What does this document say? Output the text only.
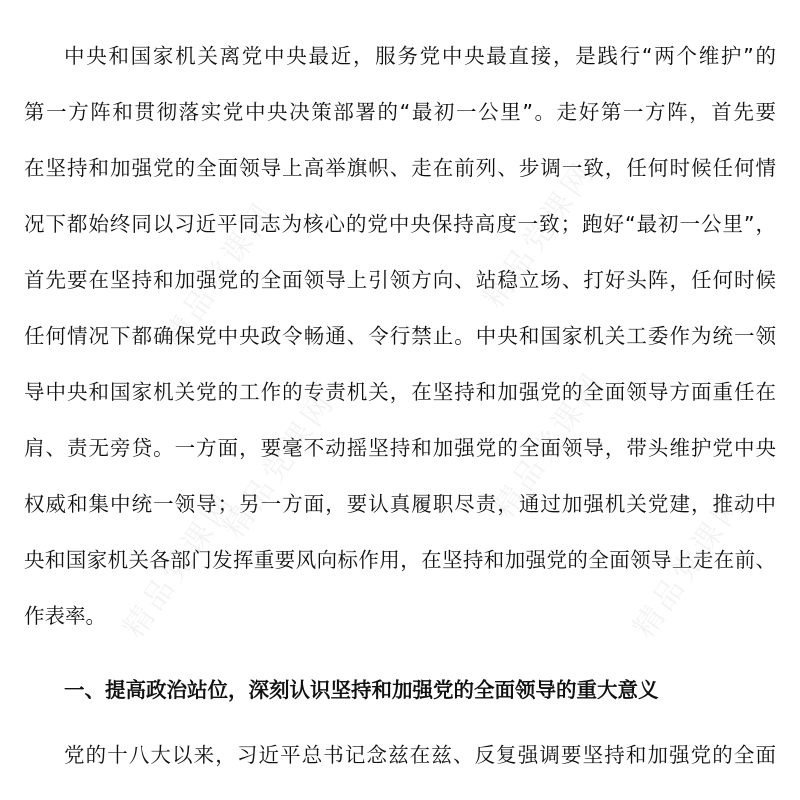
精品党课网	精品党课网
精品党课网	精品党课网
精品党课网	精品党课网
中央和国家机关离党中央最近，服务党中央最直接，是践行“两个维护”的
第一方阵和贯彻落实党中央决策部署的“最初一公里”。走好第一方阵，首先要
在坚持和加强党的全面领导上高举旗帜、走在前列、步调一致，任何时候任何情
况下都始终同以习近平同志为核心的党中央保持高度一致；跑好“最初一公里”，
首先要在坚持和加强党的全面领导上引领方向、站稳立场、打好头阵，任何时候
任何情况下都确保党中央政令畅通、令行禁止。中央和国家机关工委作为统一领
导中央和国家机关党的工作的专责机关，在坚持和加强党的全面领导方面重任在
肩、责无旁贷。一方面，要毫不动摇坚持和加强党的全面领导，带头维护党中央
权威和集中统一领导；另一方面，要认真履职尽责，通过加强机关党建，推动中
央和国家机关各部门发挥重要风向标作用，在坚持和加强党的全面领导上走在前、
作表率。
一、提高政治站位，深刻认识坚持和加强党的全面领导的重大意义
党的十八大以来，习近平总书记念兹在兹、反复强调要坚持和加强党的全面
